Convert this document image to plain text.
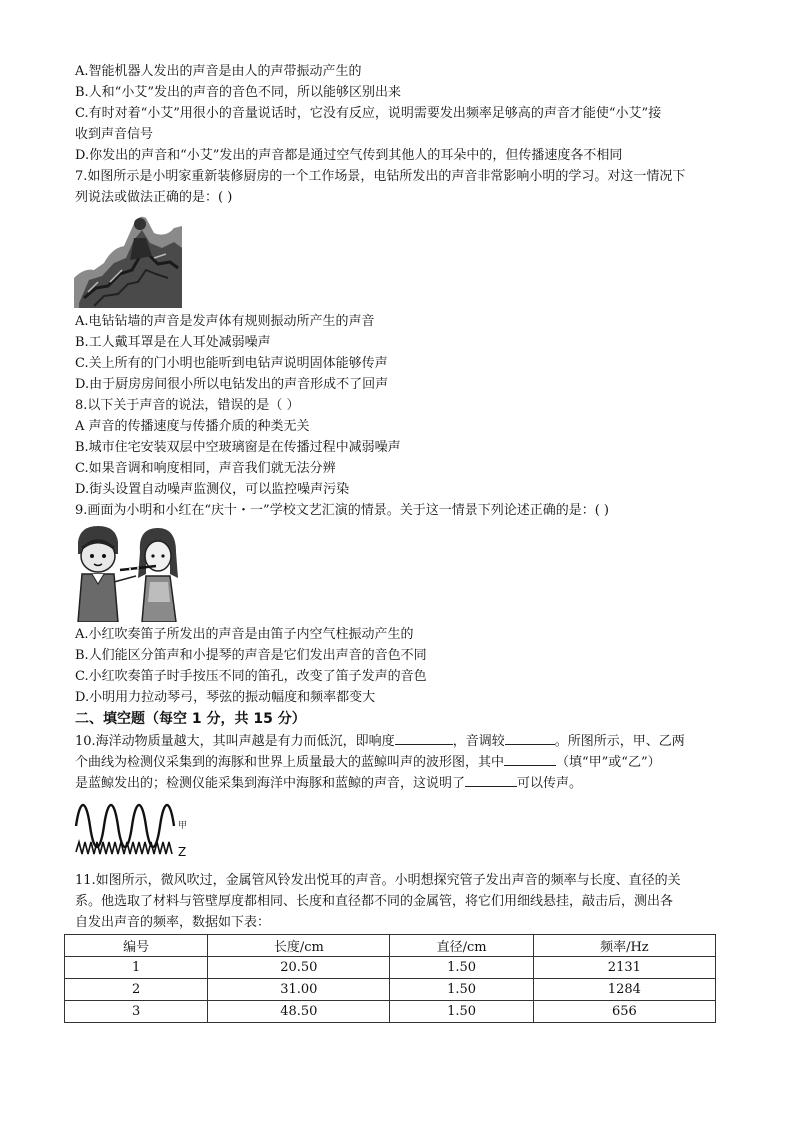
A.智能机器人发出的声音是由人的声带振动产生的
B.人和“小艾”发出的声音的音色不同，所以能够区别出来
C.有时对着“小艾”用很小的音量说话时，它没有反应，说明需要发出频率足够高的声音才能使“小艾”接
收到声音信号
D.你发出的声音和“小艾”发出的声音都是通过空气传到其他人的耳朵中的，但传播速度各不相同
7.如图所示是小明家重新装修厨房的一个工作场景，电钻所发出的声音非常影响小明的学习。对这一情况下
列说法或做法正确的是：( )
A.电钻钻墙的声音是发声体有规则振动所产生的声音
B.工人戴耳罩是在人耳处减弱噪声
C.关上所有的门小明也能听到电钻声说明固体能够传声
D.由于厨房房间很小所以电钻发出的声音形成不了回声
8.以下关于声音的说法，错误的是（ ）
A 声音的传播速度与传播介质的种类无关
B.城市住宅安装双层中空玻璃窗是在传播过程中减弱噪声
C.如果音调和响度相同，声音我们就无法分辨
D.街头设置自动噪声监测仪，可以监控噪声污染
9.画面为小明和小红在“庆十・一”学校文艺汇演的情景。关于这一情景下列论述正确的是：( )
A.小红吹奏笛子所发出的声音是由笛子内空气柱振动产生的
B.人们能区分笛声和小提琴的声音是它们发出声音的音色不同
C.小红吹奏笛子时手按压不同的笛孔，改变了笛子发声的音色
D.小明用力拉动琴弓，琴弦的振动幅度和频率都变大
二、填空题（每空 1 分，共 15 分）
10.海洋动物质量越大，其叫声越是有力而低沉，即响度	，音调较	。所图所示，甲、乙两
个曲线为检测仪采集到的海豚和世界上质量最大的蓝鲸叫声的波形图，其中	（填“甲”或“乙”）
是蓝鲸发出的；检测仪能采集到海洋中海豚和蓝鲸的声音，这说明了	可以传声。
甲
Z
11.如图所示，微风吹过，金属管风铃发出悦耳的声音。小明想探究管子发出声音的频率与长度、直径的关
系。他选取了材料与管壁厚度都相同、长度和直径都不同的金属管，将它们用细线悬挂，敲击后，测出各
自发出声音的频率，数据如下表：
编号	长度/cm	直径/cm	频率/Hz
1	20.50	1.50	2131
2	31.00	1.50	1284
3	48.50	1.50	656
